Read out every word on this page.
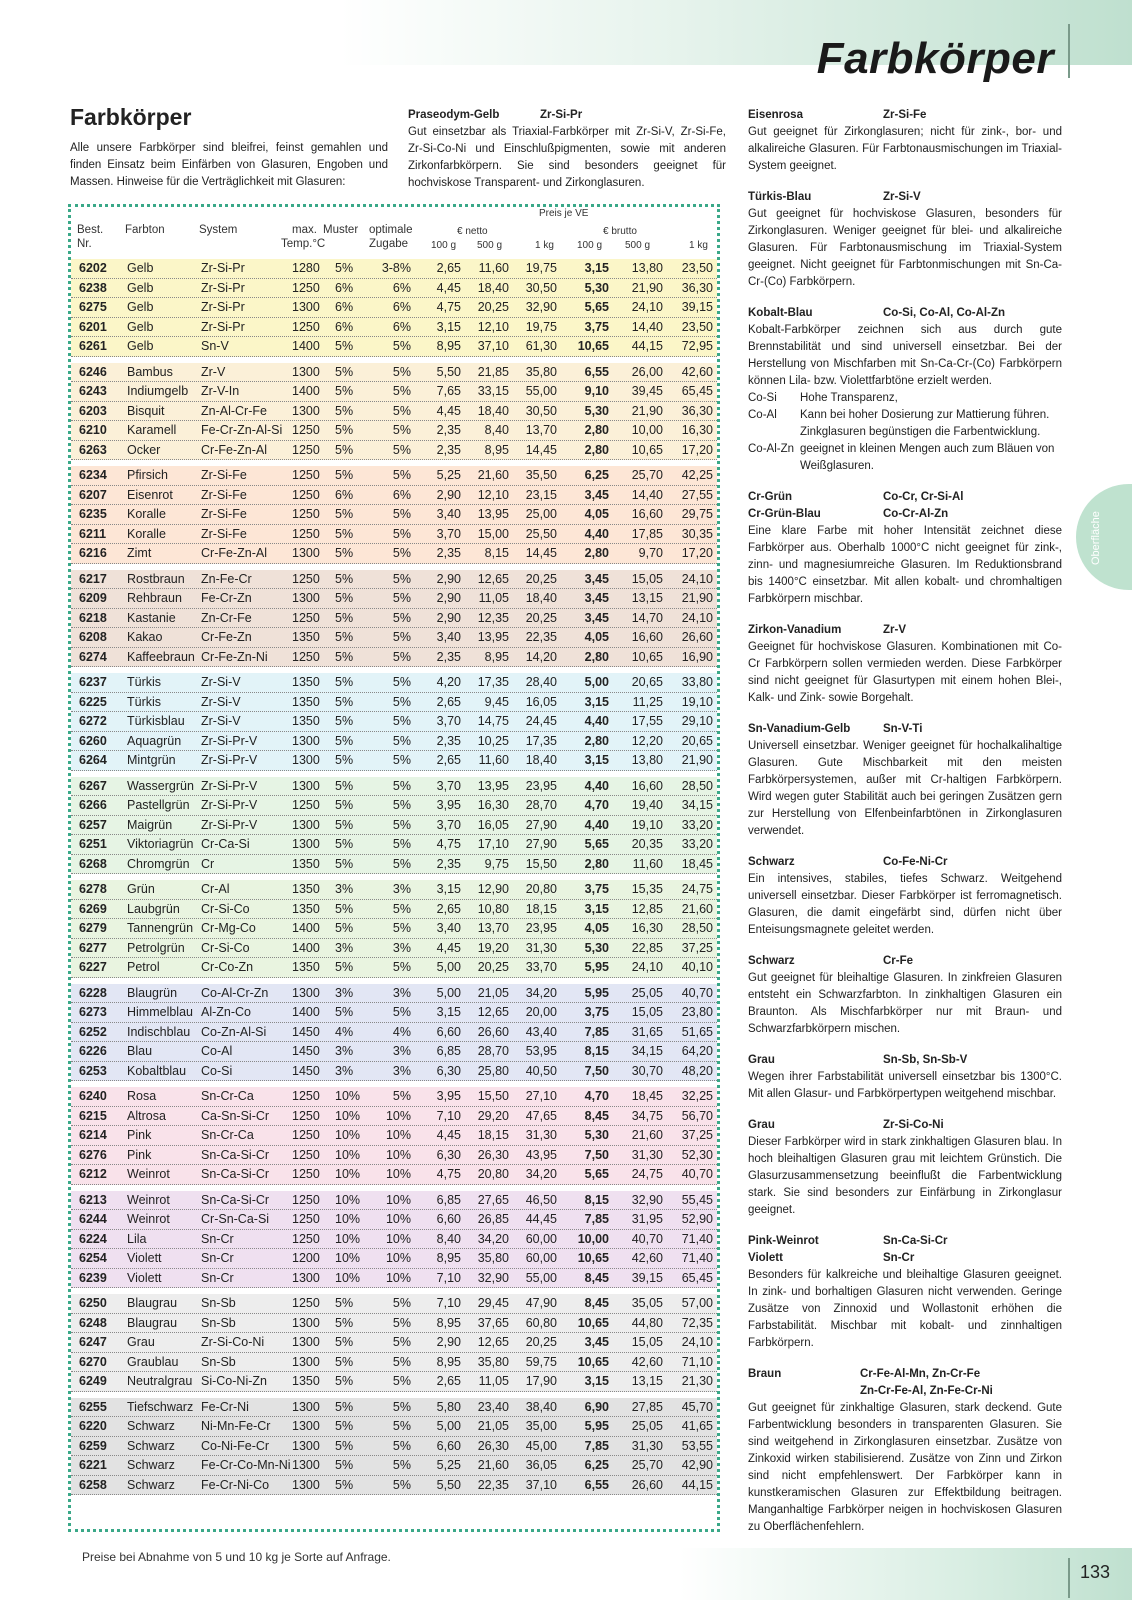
Farbkörper
Oberfläche
133
Preise bei Abnahme von 5 und 10 kg je Sorte auf Anfrage.
Farbkörper
Alle unsere Farbkörper sind bleifrei, feinst gemahlen und finden Einsatz beim Einfärben von Glasuren, Engoben und Massen. Hinweise für die Verträglichkeit mit Glasuren:
Praseodym-Gelb	Zr-Si-Pr

Gut einsetzbar als Triaxial-Farbkörper mit Zr-Si-V, Zr-Si-Fe, Zr-Si-Co-Ni und Einschlußpigmenten, sowie mit anderen Zirkonfarbkörpern. Sie sind besonders geeignet für hochviskose Transparent- und Zirkonglasuren.

Preis je VE
Best.
Nr.
Farbton	System	max.
Temp.°C
Muster optimale
Zugabe
€ netto	€ brutto
100 g 500 g	1 kg 100 g 500 g	1 kg
6202 Gelb	Zr-Si-Pr	1280 5%	3-8%	2,65	11,60	19,75	3,15	13,80	23,50
6238 Gelb	Zr-Si-Pr	1250 6%	6%	4,45	18,40	30,50	5,30	21,90	36,30
6275 Gelb	Zr-Si-Pr	1300 6%	6%	4,75	20,25	32,90	5,65	24,10	39,15
6201 Gelb	Zr-Si-Pr	1250 6%	6%	3,15	12,10	19,75	3,75	14,40	23,50
6261 Gelb	Sn-V	1400 5%	5%	8,95	37,10	61,30	10,65	44,15	72,95
6246 Bambus Zr-V	1300 5%	5%	5,50	21,85	35,80	6,55	26,00	42,60
6243 Indiumgelb Zr-V-In	1400 5%	5%	7,65	33,15	55,00	9,10	39,45	65,45
6203 Bisquit	Zn-Al-Cr-Fe 1300 5%	5%	4,45	18,40	30,50	5,30	21,90	36,30
6210 Karamell Fe-Cr-Zn-Al-Si 1250 5%	5%	2,35	8,40	13,70	2,80	10,00	16,30
6263 Ocker	Cr-Fe-Zn-Al 1250 5%	5%	2,35	8,95	14,45	2,80	10,65	17,20
6234 Pfirsich	Zr-Si-Fe	1250 5%	5%	5,25	21,60	35,50	6,25	25,70	42,25
6207 Eisenrot Zr-Si-Fe	1250 6%	6%	2,90	12,10	23,15	3,45	14,40	27,55
6235 Koralle	Zr-Si-Fe	1250 5%	5%	3,40	13,95	25,00	4,05	16,60	29,75
6211 Koralle	Zr-Si-Fe	1250 5%	5%	3,70	15,00	25,50	4,40	17,85	30,35
6216 Zimt	Cr-Fe-Zn-Al 1300 5%	5%	2,35	8,15	14,45	2,80	9,70	17,20
6217 Rostbraun Zn-Fe-Cr	1250 5%	5%	2,90	12,65	20,25	3,45	15,05	24,10
6209 Rehbraun Fe-Cr-Zn	1300 5%	5%	2,90	11,05	18,40	3,45	13,15	21,90
6218 Kastanie Zn-Cr-Fe	1250 5%	5%	2,90	12,35	20,25	3,45	14,70	24,10
6208 Kakao	Cr-Fe-Zn	1350 5%	5%	3,40	13,95	22,35	4,05	16,60	26,60
6274 Kaffeebraun Cr-Fe-Zn-Ni 1250 5%	5%	2,35	8,95	14,20	2,80	10,65	16,90
6237 Türkis	Zr-Si-V	1350 5%	5%	4,20	17,35	28,40	5,00	20,65	33,80
6225 Türkis	Zr-Si-V	1350 5%	5%	2,65	9,45	16,05	3,15	11,25	19,10
6272 Türkisblau Zr-Si-V	1350 5%	5%	3,70	14,75	24,45	4,40	17,55	29,10
6260 Aquagrün Zr-Si-Pr-V	1300 5%	5%	2,35	10,25	17,35	2,80	12,20	20,65
6264 Mintgrün Zr-Si-Pr-V	1300 5%	5%	2,65	11,60	18,40	3,15	13,80	21,90
6267 Wassergrün Zr-Si-Pr-V	1300 5%	5%	3,70	13,95	23,95	4,40	16,60	28,50
6266 Pastellgrün Zr-Si-Pr-V	1250 5%	5%	3,95	16,30	28,70	4,70	19,40	34,15
6257 Maigrün Zr-Si-Pr-V	1300 5%	5%	3,70	16,05	27,90	4,40	19,10	33,20
6251 Viktoriagrün Cr-Ca-Si	1300 5%	5%	4,75	17,10	27,90	5,65	20,35	33,20
6268 Chromgrün Cr	1350 5%	5%	2,35	9,75	15,50	2,80	11,60	18,45
6278 Grün	Cr-Al	1350 3%	3%	3,15	12,90	20,80	3,75	15,35	24,75
6269 Laubgrün Cr-Si-Co	1350 5%	5%	2,65	10,80	18,15	3,15	12,85	21,60
6279 Tannengrün Cr-Mg-Co	1400 5%	5%	3,40	13,70	23,95	4,05	16,30	28,50
6277 Petrolgrün Cr-Si-Co	1400 3%	3%	4,45	19,20	31,30	5,30	22,85	37,25
6227 Petrol	Cr-Co-Zn	1350 5%	5%	5,00	20,25	33,70	5,95	24,10	40,10
6228 Blaugrün Co-Al-Cr-Zn 1300 3%	3%	5,00	21,05	34,20	5,95	25,05	40,70
6273 Himmelblau Al-Zn-Co	1400 5%	5%	3,15	12,65	20,00	3,75	15,05	23,80
6252 Indischblau Co-Zn-Al-Si 1450 4%	4%	6,60	26,60	43,40	7,85	31,65	51,65
6226 Blau	Co-Al	1450 3%	3%	6,85	28,70	53,95	8,15	34,15	64,20
6253 Kobaltblau Co-Si	1450 3%	3%	6,30	25,80	40,50	7,50	30,70	48,20
6240 Rosa	Sn-Cr-Ca	1250 10%	5%	3,95	15,50	27,10	4,70	18,45	32,25
6215 Altrosa	Ca-Sn-Si-Cr 1250 10%	10%	7,10	29,20	47,65	8,45	34,75	56,70
6214 Pink	Sn-Cr-Ca	1250 10%	10%	4,45	18,15	31,30	5,30	21,60	37,25
6276 Pink	Sn-Ca-Si-Cr 1250 10%	10%	6,30	26,30	43,95	7,50	31,30	52,30
6212 Weinrot Sn-Ca-Si-Cr 1250 10%	10%	4,75	20,80	34,20	5,65	24,75	40,70
6213 Weinrot Sn-Ca-Si-Cr 1250 10%	10%	6,85	27,65	46,50	8,15	32,90	55,45
6244 Weinrot Cr-Sn-Ca-Si 1250 10%	10%	6,60	26,85	44,45	7,85	31,95	52,90
6224 Lila	Sn-Cr	1250 10%	10%	8,40	34,20	60,00	10,00	40,70	71,40
6254 Violett	Sn-Cr	1200 10%	10%	8,95	35,80	60,00	10,65	42,60	71,40
6239 Violett	Sn-Cr	1300 10%	10%	7,10	32,90	55,00	8,45	39,15	65,45
6250 Blaugrau Sn-Sb	1250 5%	5%	7,10	29,45	47,90	8,45	35,05	57,00
6248 Blaugrau Sn-Sb	1300 5%	5%	8,95	37,65	60,80	10,65	44,80	72,35
6247 Grau	Zr-Si-Co-Ni 1300 5%	5%	2,90	12,65	20,25	3,45	15,05	24,10
6270 Graublau Sn-Sb	1300 5%	5%	8,95	35,80	59,75	10,65	42,60	71,10
6249 Neutralgrau Si-Co-Ni-Zn 1350 5%	5%	2,65	11,05	17,90	3,15	13,15	21,30
6255 Tiefschwarz Fe-Cr-Ni	1300 5%	5%	5,80	23,40	38,40	6,90	27,85	45,70
6220 Schwarz Ni-Mn-Fe-Cr 1300 5%	5%	5,00	21,05	35,00	5,95	25,05	41,65
6259 Schwarz Co-Ni-Fe-Cr 1300 5%	5%	6,60	26,30	45,00	7,85	31,30	53,55
6221 Schwarz Fe-Cr-Co-Mn-Ni 1300 5%	5%	5,25	21,60	36,05	6,25	25,70	42,90
6258 Schwarz Fe-Cr-Ni-Co 1300 5%	5%	5,50	22,35	37,10	6,55	26,60	44,15
Eisenrosa	Zr-Si-Fe

Gut geeignet für Zirkonglasuren; nicht für zink-, bor- und alkalireiche Glasuren. Für Farbtonausmischungen im Triaxial-System geeignet.

Türkis-Blau	Zr-Si-V

Gut geeignet für hochviskose Glasuren, besonders für Zirkonglasuren. Weniger geeignet für blei- und alkalireiche Glasuren. Für Farbtonausmischung im Triaxial-System geeignet. Nicht geeignet für Farbtonmischungen mit Sn-Ca-Cr-(Co) Farbkörpern.

Kobalt-Blau	Co-Si, Co-Al, Co-Al-Zn

Kobalt-Farbkörper zeichnen sich aus durch gute Brennstabilität und sind universell einsetzbar. Bei der Herstellung von Mischfarben mit Sn-Ca-Cr-(Co) Farbkörpern können Lila- bzw. Violettfarbtöne erzielt werden.

Co-Si Hohe Transparenz,
Co-Al Kann bei hoher Dosierung zur Mattierung führen. Zinkglasuren begünstigen die Farbentwicklung.
Co-Al-Zn geeignet in kleinen Mengen auch zum Bläuen von Weißglasuren.
Cr-Grün	Co-Cr, Cr-Si-Al
Cr-Grün-Blau	Co-Cr-Al-Zn

Eine klare Farbe mit hoher Intensität zeichnet diese Farbkörper aus. Oberhalb 1000°C nicht geeignet für zink-, zinn- und magnesiumreiche Glasuren. Im Reduktionsbrand bis 1400°C einsetzbar. Mit allen kobalt- und chromhaltigen Farbkörpern mischbar.

Zirkon-Vanadium	Zr-V

Geeignet für hochviskose Glasuren. Kombinationen mit Co-Cr Farbkörpern sollen vermieden werden. Diese Farbkörper sind nicht geeignet für Glasurtypen mit einem hohen Blei-, Kalk- und Zink- sowie Borgehalt.

Sn-Vanadium-Gelb	Sn-V-Ti

Universell einsetzbar. Weniger geeignet für hochalkalihaltige Glasuren. Gute Mischbarkeit mit den meisten Farbkörpersystemen, außer mit Cr-haltigen Farbkörpern. Wird wegen guter Stabilität auch bei geringen Zusätzen gern zur Herstellung von Elfenbeinfarbtönen in Zirkonglasuren verwendet.

Schwarz	Co-Fe-Ni-Cr

Ein intensives, stabiles, tiefes Schwarz. Weitgehend universell einsetzbar. Dieser Farbkörper ist ferromagnetisch. Glasuren, die damit eingefärbt sind, dürfen nicht über Enteisungsmagnete geleitet werden.

Schwarz	Cr-Fe

Gut geeignet für bleihaltige Glasuren. In zinkfreien Glasuren entsteht ein Schwarzfarbton. In zinkhaltigen Glasuren ein Braunton. Als Mischfarbkörper nur mit Braun- und Schwarzfarbkörpern mischen.

Grau	Sn-Sb, Sn-Sb-V

Wegen ihrer Farbstabilität universell einsetzbar bis 1300°C. Mit allen Glasur- und Farbkörpertypen weitgehend mischbar.

Grau	Zr-Si-Co-Ni

Dieser Farbkörper wird in stark zinkhaltigen Glasuren blau. In hoch bleihaltigen Glasuren grau mit leichtem Grünstich. Die Glasurzusammensetzung beeinflußt die Farbentwicklung stark. Sie sind besonders zur Einfärbung in Zirkonglasur geeignet.

Pink-Weinrot	Sn-Ca-Si-Cr
Violett	Sn-Cr

Besonders für kalkreiche und bleihaltige Glasuren geeignet. In zink- und borhaltigen Glasuren nicht verwenden. Geringe Zusätze von Zinnoxid und Wollastonit erhöhen die Farbstabilität. Mischbar mit kobalt- und zinnhaltigen Farbkörpern.

Braun	Cr-Fe-Al-Mn, Zn-Cr-Fe
Zn-Cr-Fe-Al, Zn-Fe-Cr-Ni

Gut geeignet für zinkhaltige Glasuren, stark deckend. Gute Farbentwicklung besonders in transparenten Glasuren. Sie sind weitgehend in Zirkonglasuren einsetzbar. Zusätze von Zinkoxid wirken stabilisierend. Zusätze von Zinn und Zirkon sind nicht empfehlenswert. Der Farbkörper kann in kunstkeramischen Glasuren zur Effektbildung beitragen. Manganhaltige Farbkörper neigen in hochviskosen Glasuren zu Oberflächenfehlern.
